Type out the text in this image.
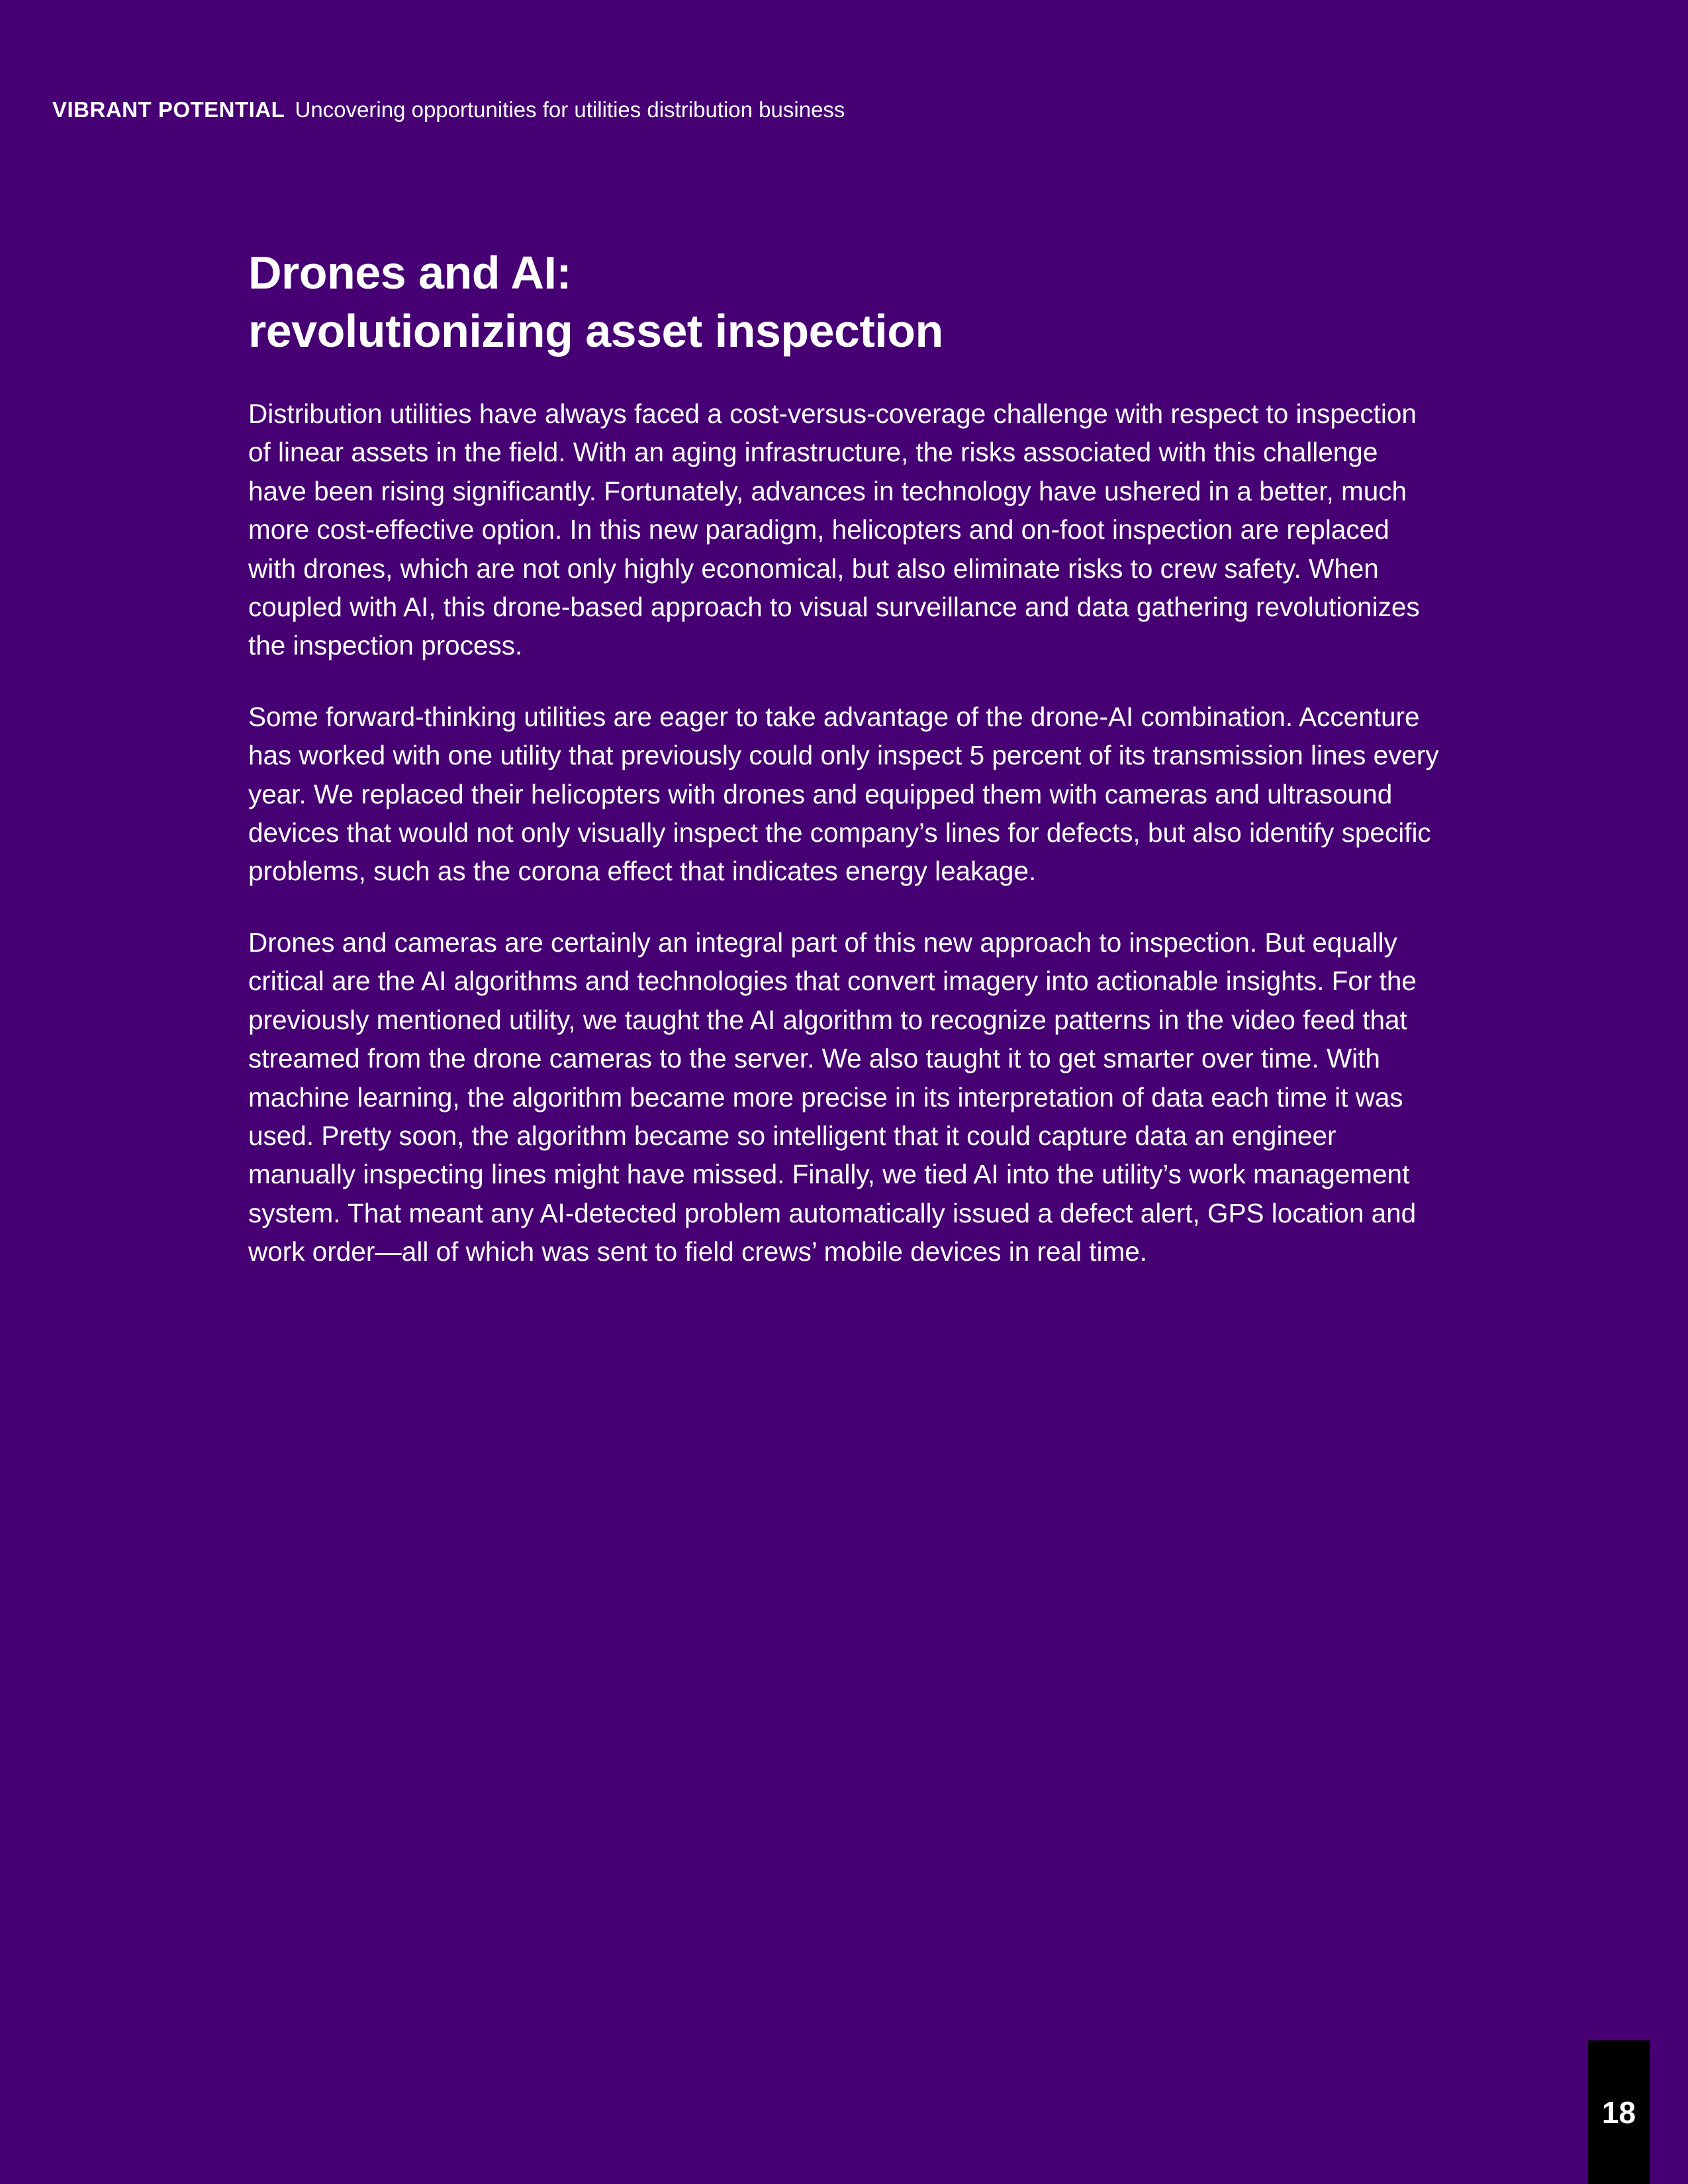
VIBRANT POTENTIAL Uncovering opportunities for utilities distribution business
Drones and AI:
revolutionizing asset inspection

Distribution utilities have always faced a cost-versus-coverage challenge with respect to inspection of linear assets in the field. With an aging infrastructure, the risks associated with this challenge have been rising significantly. Fortunately, advances in technology have ushered in a better, much more cost-effective option. In this new paradigm, helicopters and on-foot inspection are replaced with drones, which are not only highly economical, but also eliminate risks to crew safety. When coupled with AI, this drone-based approach to visual surveillance and data gathering revolutionizes the inspection process.

Some forward-thinking utilities are eager to take advantage of the drone-AI combination. Accenture has worked with one utility that previously could only inspect 5 percent of its transmission lines every year. We replaced their helicopters with drones and equipped them with cameras and ultrasound devices that would not only visually inspect the company’s lines for defects, but also identify specific problems, such as the corona effect that indicates energy leakage.

Drones and cameras are certainly an integral part of this new approach to inspection. But equally critical are the AI algorithms and technologies that convert imagery into actionable insights. For the previously mentioned utility, we taught the AI algorithm to recognize patterns in the video feed that streamed from the drone cameras to the server. We also taught it to get smarter over time. With machine learning, the algorithm became more precise in its interpretation of data each time it was used. Pretty soon, the algorithm became so intelligent that it could capture data an engineer manually inspecting lines might have missed. Finally, we tied AI into the utility’s work management system. That meant any AI-detected problem automatically issued a defect alert, GPS location and work order—all of which was sent to field crews’ mobile devices in real time.

18
